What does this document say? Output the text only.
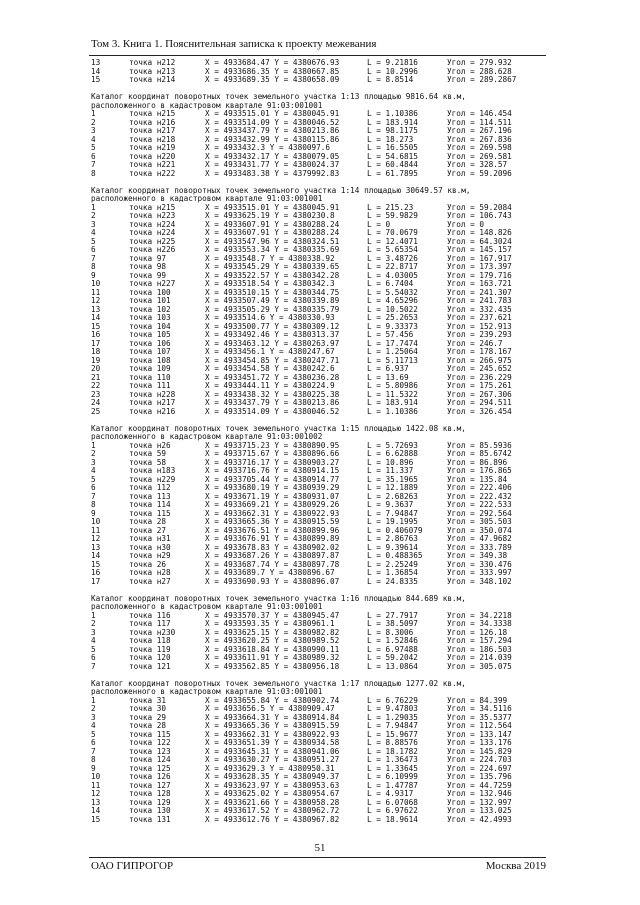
Том 3. Книга 1. Пояснительная записка к проекту межевания
13	точка н212	X = 4933684.47 Y = 4380676.93	L = 9.21816	Угол = 279.932
14	точка н213	X = 4933686.35 Y = 4380667.85	L = 10.2996	Угол = 288.628
15	точка н214	X = 4933689.35 Y = 4380658.09	L = 8.8514	Угол = 289.2867
Каталог координат поворотных точек земельного участка 1:13 площадью 9816.64 кв.м,
расположенного в кадастровом квартале 91:03:001001
1	точка н215	X = 4933515.01 Y = 4380045.91	L = 1.10386	Угол = 146.454
2	точка н216	X = 4933514.09 Y = 4380046.52	L = 183.914	Угол = 114.511
3	точка н217	X = 4933437.79 Y = 4380213.86	L = 98.1175	Угол = 267.196
4	точка н218	X = 4933432.99 Y = 4380115.86	L = 18.273	Угол = 267.836
5	точка н219	X = 4933432.3 Y = 4380097.6	L = 16.5505	Угол = 269.598
6	точка н220	X = 4933432.17 Y = 4380079.05	L = 54.6815	Угол = 269.581
7	точка н221	X = 4933431.77 Y = 4380024.37	L = 60.4844	Угол = 328.57
8	точка н222	X = 4933483.38 Y = 4379992.83	L = 61.7895	Угол = 59.2096
Каталог координат поворотных точек земельного участка 1:14 площадью 30649.57 кв.м,
расположенного в кадастровом квартале 91:03:001001
1	точка н215	X = 4933515.01 Y = 4380045.91	L = 215.23	Угол = 59.2084
2	точка н223	X = 4933625.19 Y = 4380230.8	L = 59.9829	Угол = 106.743
3	точка н224	X = 4933607.91 Y = 4380288.24	L = 0	Угол = 0
4	точка н224	X = 4933607.91 Y = 4380288.24	L = 70.0679	Угол = 148.826
5	точка н225	X = 4933547.96 Y = 4380324.51	L = 12.4071	Угол = 64.3024
6	точка н226	X = 4933553.34 Y = 4380335.69	L = 5.65354	Угол = 145.157
7	точка 97	X = 4933548.7 Y = 4380338.92	L = 3.48726	Угол = 167.917
8	точка 98	X = 4933545.29 Y = 4380339.65	L = 22.8717	Угол = 173.397
9	точка 99	X = 4933522.57 Y = 4380342.28	L = 4.03005	Угол = 179.716
10	точка н227	X = 4933518.54 Y = 4380342.3	L = 6.7404	Угол = 163.721
11	точка 100	X = 4933510.15 Y = 4380344.75	L = 5.54032	Угол = 241.307
12	точка 101	X = 4933507.49 Y = 4380339.89	L = 4.65296	Угол = 241.783
13	точка 102	X = 4933505.29 Y = 4380335.79	L = 10.5022	Угол = 332.435
14	точка 103	X = 4933514.6 Y = 4380330.93	L = 25.2653	Угол = 237.621
15	точка 104	X = 4933500.77 Y = 4380309.12	L = 9.33373	Угол = 152.913
16	точка 105	X = 4933492.46 Y = 4380313.37	L = 57.456	Угол = 239.293
17	точка 106	X = 4933463.12 Y = 4380263.97	L = 17.7474	Угол = 246.7
18	точка 107	X = 4933456.1 Y = 4380247.67	L = 1.25064	Угол = 178.167
19	точка 108	X = 4933454.85 Y = 4380247.71	L = 5.11713	Угол = 266.975
20	точка 109	X = 4933454.58 Y = 4380242.6	L = 6.937	Угол = 245.652
21	точка 110	X = 4933451.72 Y = 4380236.28	L = 13.69	Угол = 236.229
22	точка 111	X = 4933444.11 Y = 4380224.9	L = 5.80986	Угол = 175.261
23	точка н228	X = 4933438.32 Y = 4380225.38	L = 11.5322	Угол = 267.306
24	точка н217	X = 4933437.79 Y = 4380213.86	L = 183.914	Угол = 294.511
25	точка н216	X = 4933514.09 Y = 4380046.52	L = 1.10386	Угол = 326.454
Каталог координат поворотных точек земельного участка 1:15 площадью 1422.08 кв.м,
расположенного в кадастровом квартале 91:03:001002
1	точка н26	X = 4933715.23 Y = 4380890.95	L = 5.72693	Угол = 85.5936
2	точка 59	X = 4933715.67 Y = 4380896.66	L = 6.62888	Угол = 85.6742
3	точка 58	X = 4933716.17 Y = 4380903.27	L = 10.896	Угол = 86.896
4	точка н183	X = 4933716.76 Y = 4380914.15	L = 11.337	Угол = 176.865
5	точка н229	X = 4933705.44 Y = 4380914.77	L = 35.1965	Угол = 135.84
6	точка 112	X = 4933680.19 Y = 4380939.29	L = 12.1889	Угол = 222.406
7	точка 113	X = 4933671.19 Y = 4380931.07	L = 2.68263	Угол = 222.432
8	точка 114	X = 4933669.21 Y = 4380929.26	L = 9.3637	Угол = 222.533
9	точка 115	X = 4933662.31 Y = 4380922.93	L = 7.94847	Угол = 292.564
10	точка 28	X = 4933665.36 Y = 4380915.59	L = 19.1995	Угол = 305.503
11	точка 27	X = 4933676.51 Y = 4380899.96	L = 0.406079	Угол = 350.074
12	точка н31	X = 4933676.91 Y = 4380899.89	L = 2.86763	Угол = 47.9682
13	точка н30	X = 4933678.83 Y = 4380902.02	L = 9.39614	Угол = 333.789
14	точка н29	X = 4933687.26 Y = 4380897.87	L = 0.488365	Угол = 349.38
15	точка 26	X = 4933687.74 Y = 4380897.78	L = 2.25249	Угол = 330.476
16	точка н28	X = 4933689.7 Y = 4380896.67	L = 1.36854	Угол = 333.997
17	точка н27	X = 4933690.93 Y = 4380896.07	L = 24.8335	Угол = 348.102
Каталог координат поворотных точек земельного участка 1:16 площадью 844.689 кв.м,
расположенного в кадастровом квартале 91:03:001001
1	точка 116	X = 4933570.37 Y = 4380945.47	L = 27.7917	Угол = 34.2218
2	точка 117	X = 4933593.35 Y = 4380961.1	L = 38.5097	Угол = 34.3338
3	точка н230	X = 4933625.15 Y = 4380982.82	L = 8.3006	Угол = 126.18
4	точка 118	X = 4933620.25 Y = 4380989.52	L = 1.52846	Угол = 157.294
5	точка 119	X = 4933618.84 Y = 4380990.11	L = 6.97488	Угол = 186.503
6	точка 120	X = 4933611.91 Y = 4380989.32	L = 59.2042	Угол = 214.039
7	точка 121	X = 4933562.85 Y = 4380956.18	L = 13.0864	Угол = 305.075
Каталог координат поворотных точек земельного участка 1:17 площадью 1277.02 кв.м,
расположенного в кадастровом квартале 91:03:001001
1	точка 31	X = 4933655.84 Y = 4380902.74	L = 6.76229	Угол = 84.399
2	точка 30	X = 4933656.5 Y = 4380909.47	L = 9.47803	Угол = 34.5116
3	точка 29	X = 4933664.31 Y = 4380914.84	L = 1.29035	Угол = 35.5377
4	точка 28	X = 4933665.36 Y = 4380915.59	L = 7.94847	Угол = 112.564
5	точка 115	X = 4933662.31 Y = 4380922.93	L = 15.9677	Угол = 133.147
6	точка 122	X = 4933651.39 Y = 4380934.58	L = 8.88576	Угол = 133.176
7	точка 123	X = 4933645.31 Y = 4380941.06	L = 18.1782	Угол = 145.829
8	точка 124	X = 4933630.27 Y = 4380951.27	L = 1.36473	Угол = 224.703
9	точка 125	X = 4933629.3 Y = 4380950.31	L = 1.33645	Угол = 224.697
10	точка 126	X = 4933628.35 Y = 4380949.37	L = 6.10999	Угол = 135.796
11	точка 127	X = 4933623.97 Y = 4380953.63	L = 1.47787	Угол = 44.7259
12	точка 128	X = 4933625.02 Y = 4380954.67	L = 4.9317	Угол = 132.946
13	точка 129	X = 4933621.66 Y = 4380958.28	L = 6.07068	Угол = 132.997
14	точка 130	X = 4933617.52 Y = 4380962.72	L = 6.97622	Угол = 133.025
15	точка 131	X = 4933612.76 Y = 4380967.82	L = 18.9614	Угол = 42.4993
51
ОАО ГИПРОГОР	Москва 2019
